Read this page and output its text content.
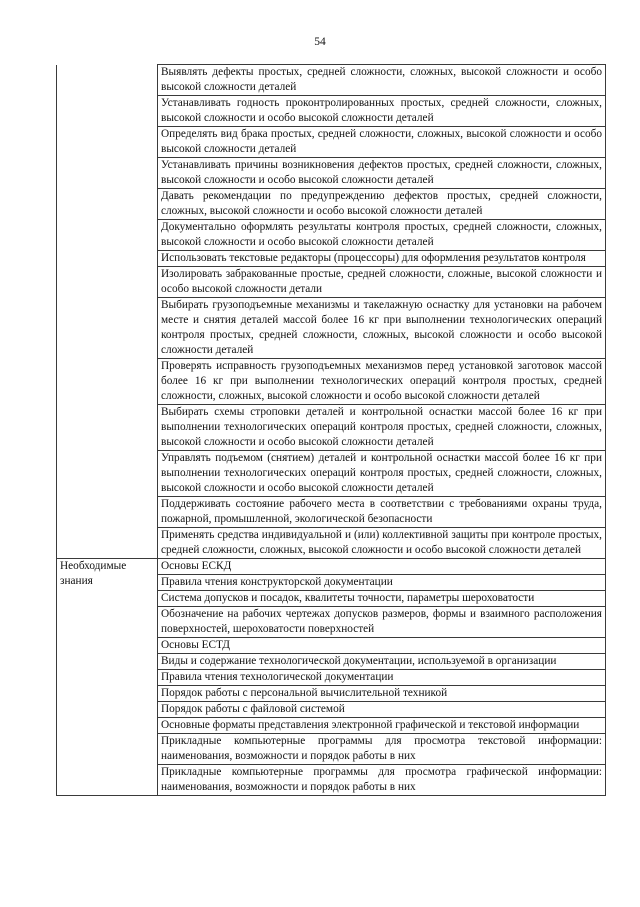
54
	Выявлять дефекты простых, средней сложности, сложных, высокой сложности и особо высокой сложности деталей
	Устанавливать годность проконтролированных простых, средней сложности, сложных, высокой сложности и особо высокой сложности деталей
	Определять вид брака простых, средней сложности, сложных, высокой сложности и особо высокой сложности деталей
	Устанавливать причины возникновения дефектов простых, средней сложности, сложных, высокой сложности и особо высокой сложности деталей
	Давать рекомендации по предупреждению дефектов простых, средней сложности, сложных, высокой сложности и особо высокой сложности деталей
	Документально оформлять результаты контроля простых, средней сложности, сложных, высокой сложности и особо высокой сложности деталей
	Использовать текстовые редакторы (процессоры) для оформления результатов контроля
	Изолировать забракованные простые, средней сложности, сложные, высокой сложности и особо высокой сложности детали
	Выбирать грузоподъемные механизмы и такелажную оснастку для установки на рабочем месте и снятия деталей массой более 16 кг при выполнении технологических операций контроля простых, средней сложности, сложных, высокой сложности и особо высокой сложности деталей
	Проверять исправность грузоподъемных механизмов перед установкой заготовок массой более 16 кг при выполнении технологических операций контроля простых, средней сложности, сложных, высокой сложности и особо высокой сложности деталей
	Выбирать схемы строповки деталей и контрольной оснастки массой более 16 кг при выполнении технологических операций контроля простых, средней сложности, сложных, высокой сложности и особо высокой сложности деталей
	Управлять подъемом (снятием) деталей и контрольной оснастки массой более 16 кг при выполнении технологических операций контроля простых, средней сложности, сложных, высокой сложности и особо высокой сложности деталей
	Поддерживать состояние рабочего места в соответствии с требованиями охраны труда, пожарной, промышленной, экологической безопасности
	Применять средства индивидуальной и (или) коллективной защиты при контроле простых, средней сложности, сложных, высокой сложности и особо высокой сложности деталей
Необходимые знания	Основы ЕСКД
	Правила чтения конструкторской документации
	Система допусков и посадок, квалитеты точности, параметры шероховатости
	Обозначение на рабочих чертежах допусков размеров, формы и взаимного расположения поверхностей, шероховатости поверхностей
	Основы ЕСТД
	Виды и содержание технологической документации, используемой в организации
	Правила чтения технологической документации
	Порядок работы с персональной вычислительной техникой
	Порядок работы с файловой системой
	Основные форматы представления электронной графической и текстовой информации
	Прикладные компьютерные программы для просмотра текстовой информации: наименования, возможности и порядок работы в них
	Прикладные компьютерные программы для просмотра графической информации: наименования, возможности и порядок работы в них
